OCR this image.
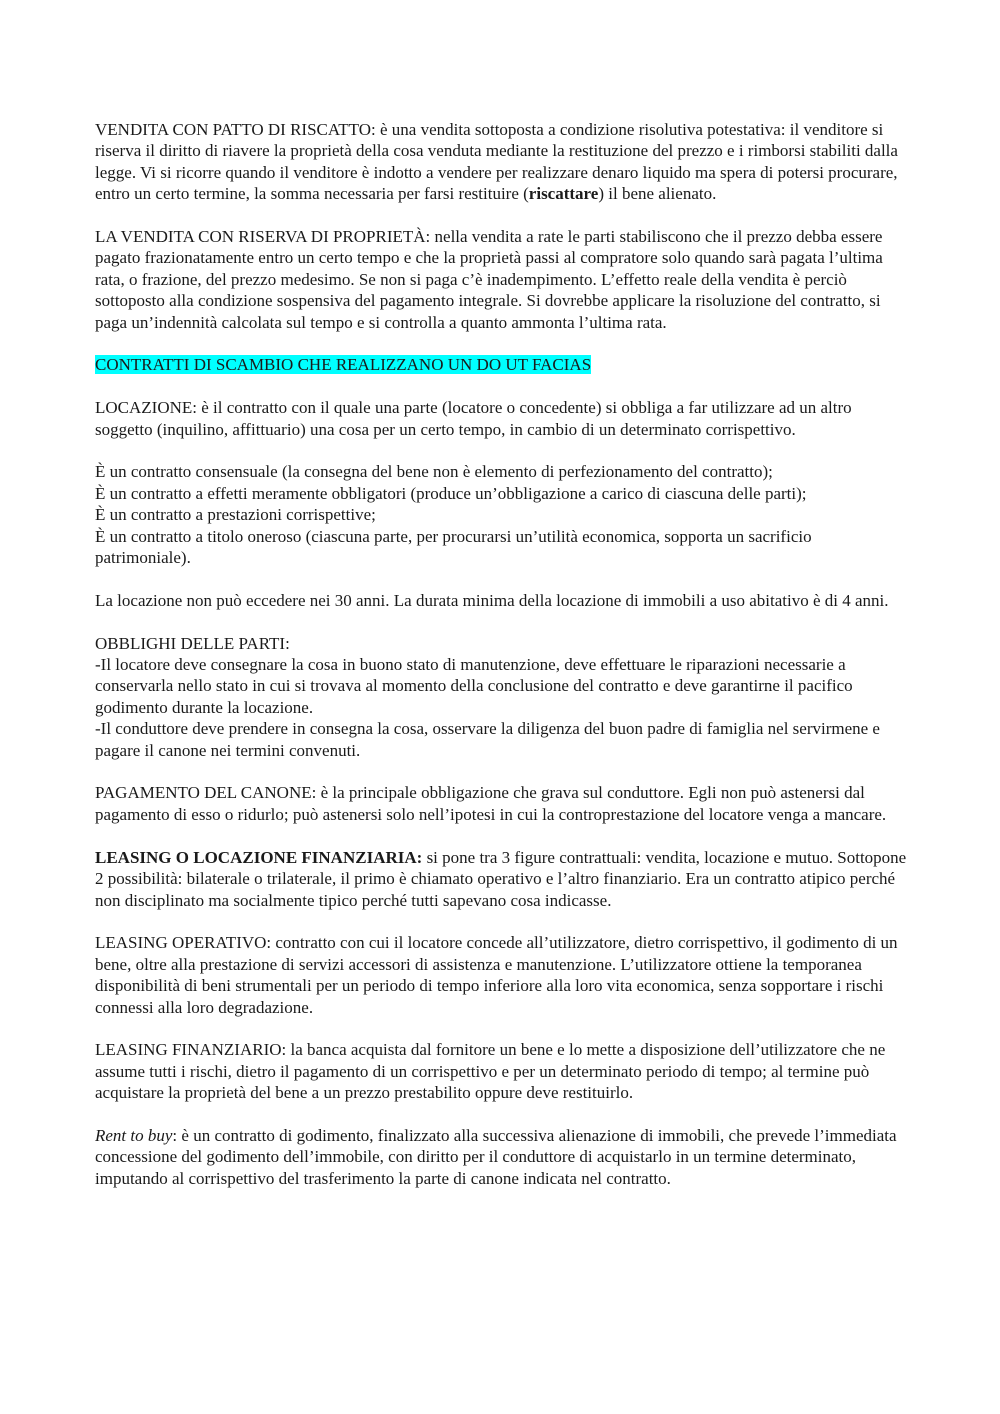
VENDITA CON PATTO DI RISCATTO: è una vendita sottoposta a condizione risolutiva potestativa: il venditore si riserva il diritto di riavere la proprietà della cosa venduta mediante la restituzione del prezzo e i rimborsi stabiliti dalla legge. Vi si ricorre quando il venditore è indotto a vendere per realizzare denaro liquido ma spera di potersi procurare, entro un certo termine, la somma necessaria per farsi restituire (riscattare) il bene alienato.

LA VENDITA CON RISERVA DI PROPRIETÀ: nella vendita a rate le parti stabiliscono che il prezzo debba essere pagato frazionatamente entro un certo tempo e che la proprietà passi al compratore solo quando sarà pagata l’ultima rata, o frazione, del prezzo medesimo. Se non si paga c’è inadempimento. L’effetto reale della vendita è perciò sottoposto alla condizione sospensiva del pagamento integrale. Si dovrebbe applicare la risoluzione del contratto, si paga un’indennità calcolata sul tempo e si controlla a quanto ammonta l’ultima rata.

CONTRATTI DI SCAMBIO CHE REALIZZANO UN DO UT FACIAS

LOCAZIONE: è il contratto con il quale una parte (locatore o concedente) si obbliga a far utilizzare ad un altro soggetto (inquilino, affittuario) una cosa per un certo tempo, in cambio di un determinato corrispettivo.

È un contratto consensuale (la consegna del bene non è elemento di perfezionamento del contratto);

È un contratto a effetti meramente obbligatori (produce un’obbligazione a carico di ciascuna delle parti);

È un contratto a prestazioni corrispettive;

È un contratto a titolo oneroso (ciascuna parte, per procurarsi un’utilità economica, sopporta un sacrificio patrimoniale).

La locazione non può eccedere nei 30 anni. La durata minima della locazione di immobili a uso abitativo è di 4 anni.

OBBLIGHI DELLE PARTI:

-Il locatore deve consegnare la cosa in buono stato di manutenzione, deve effettuare le riparazioni necessarie a conservarla nello stato in cui si trovava al momento della conclusione del contratto e deve garantirne il pacifico godimento durante la locazione.

-Il conduttore deve prendere in consegna la cosa, osservare la diligenza del buon padre di famiglia nel servirmene e pagare il canone nei termini convenuti.

PAGAMENTO DEL CANONE: è la principale obbligazione che grava sul conduttore. Egli non può astenersi dal pagamento di esso o ridurlo; può astenersi solo nell’ipotesi in cui la controprestazione del locatore venga a mancare.

LEASING O LOCAZIONE FINANZIARIA: si pone tra 3 figure contrattuali: vendita, locazione e mutuo. Sottopone 2 possibilità: bilaterale o trilaterale, il primo è chiamato operativo e l’altro finanziario. Era un contratto atipico perché non disciplinato ma socialmente tipico perché tutti sapevano cosa indicasse.

LEASING OPERATIVO: contratto con cui il locatore concede all’utilizzatore, dietro corrispettivo, il godimento di un bene, oltre alla prestazione di servizi accessori di assistenza e manutenzione. L’utilizzatore ottiene la temporanea disponibilità di beni strumentali per un periodo di tempo inferiore alla loro vita economica, senza sopportare i rischi connessi alla loro degradazione.

LEASING FINANZIARIO: la banca acquista dal fornitore un bene e lo mette a disposizione dell’utilizzatore che ne assume tutti i rischi, dietro il pagamento di un corrispettivo e per un determinato periodo di tempo; al termine può acquistare la proprietà del bene a un prezzo prestabilito oppure deve restituirlo.

Rent to buy: è un contratto di godimento, finalizzato alla successiva alienazione di immobili, che prevede l’immediata concessione del godimento dell’immobile, con diritto per il conduttore di acquistarlo in un termine determinato, imputando al corrispettivo del trasferimento la parte di canone indicata nel contratto.
